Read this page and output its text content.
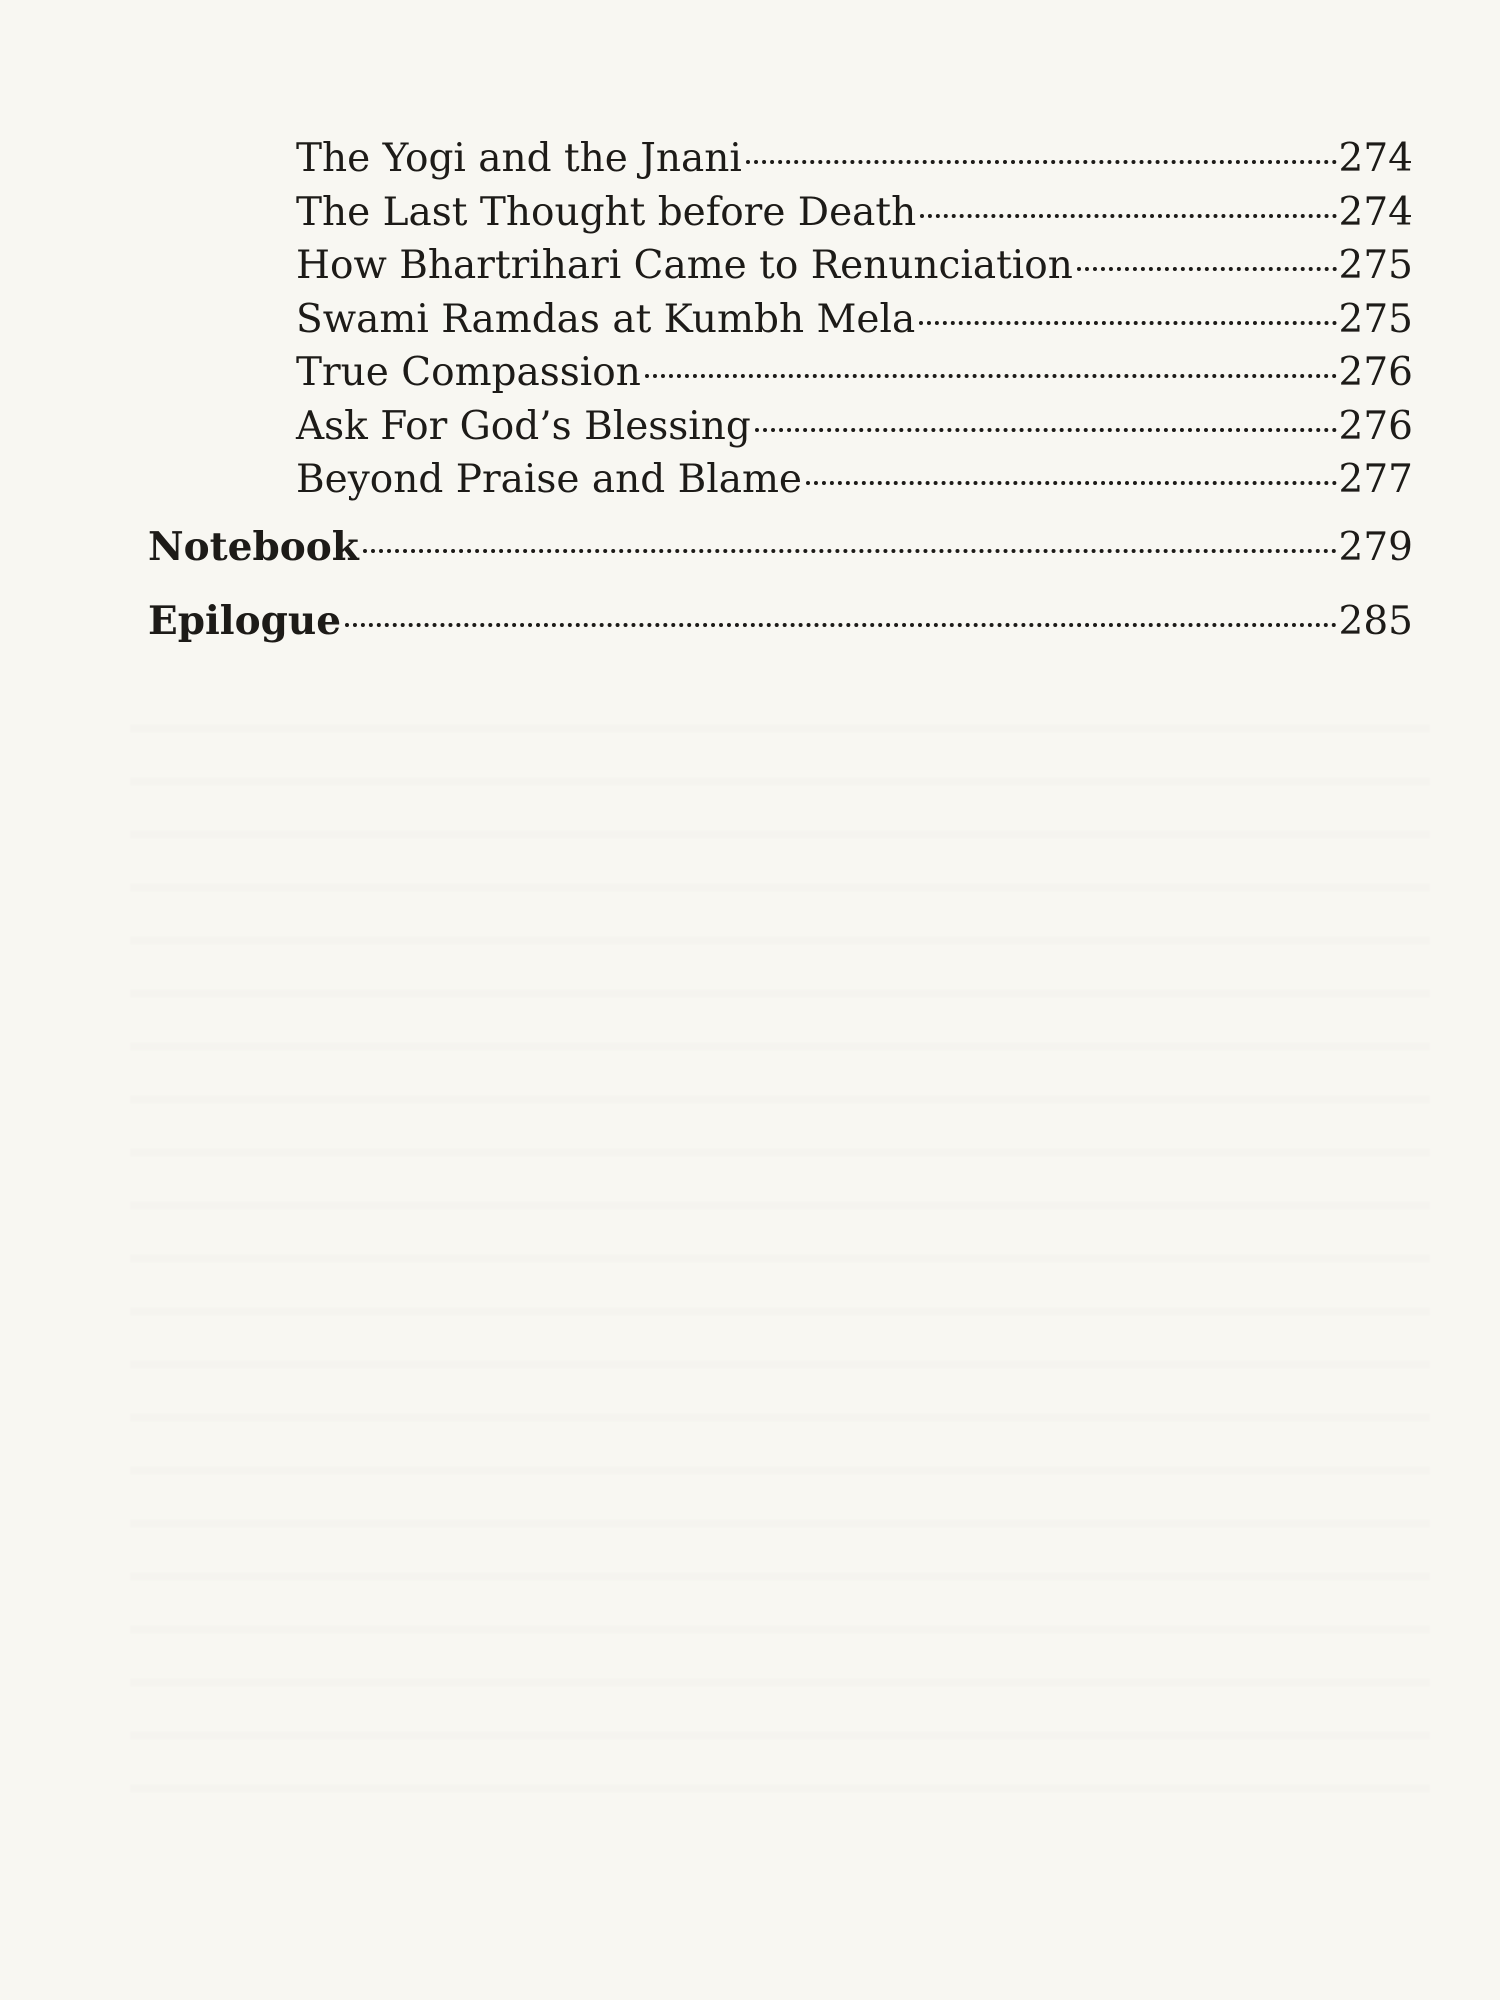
The Yogi and the Jnani	274
The Last Thought before Death	274
How Bhartrihari Came to Renunciation	275
Swami Ramdas at Kumbh Mela	275
True Compassion	276
Ask For God’s Blessing	276
Beyond Praise and Blame	277
Notebook	279
Epilogue	285
